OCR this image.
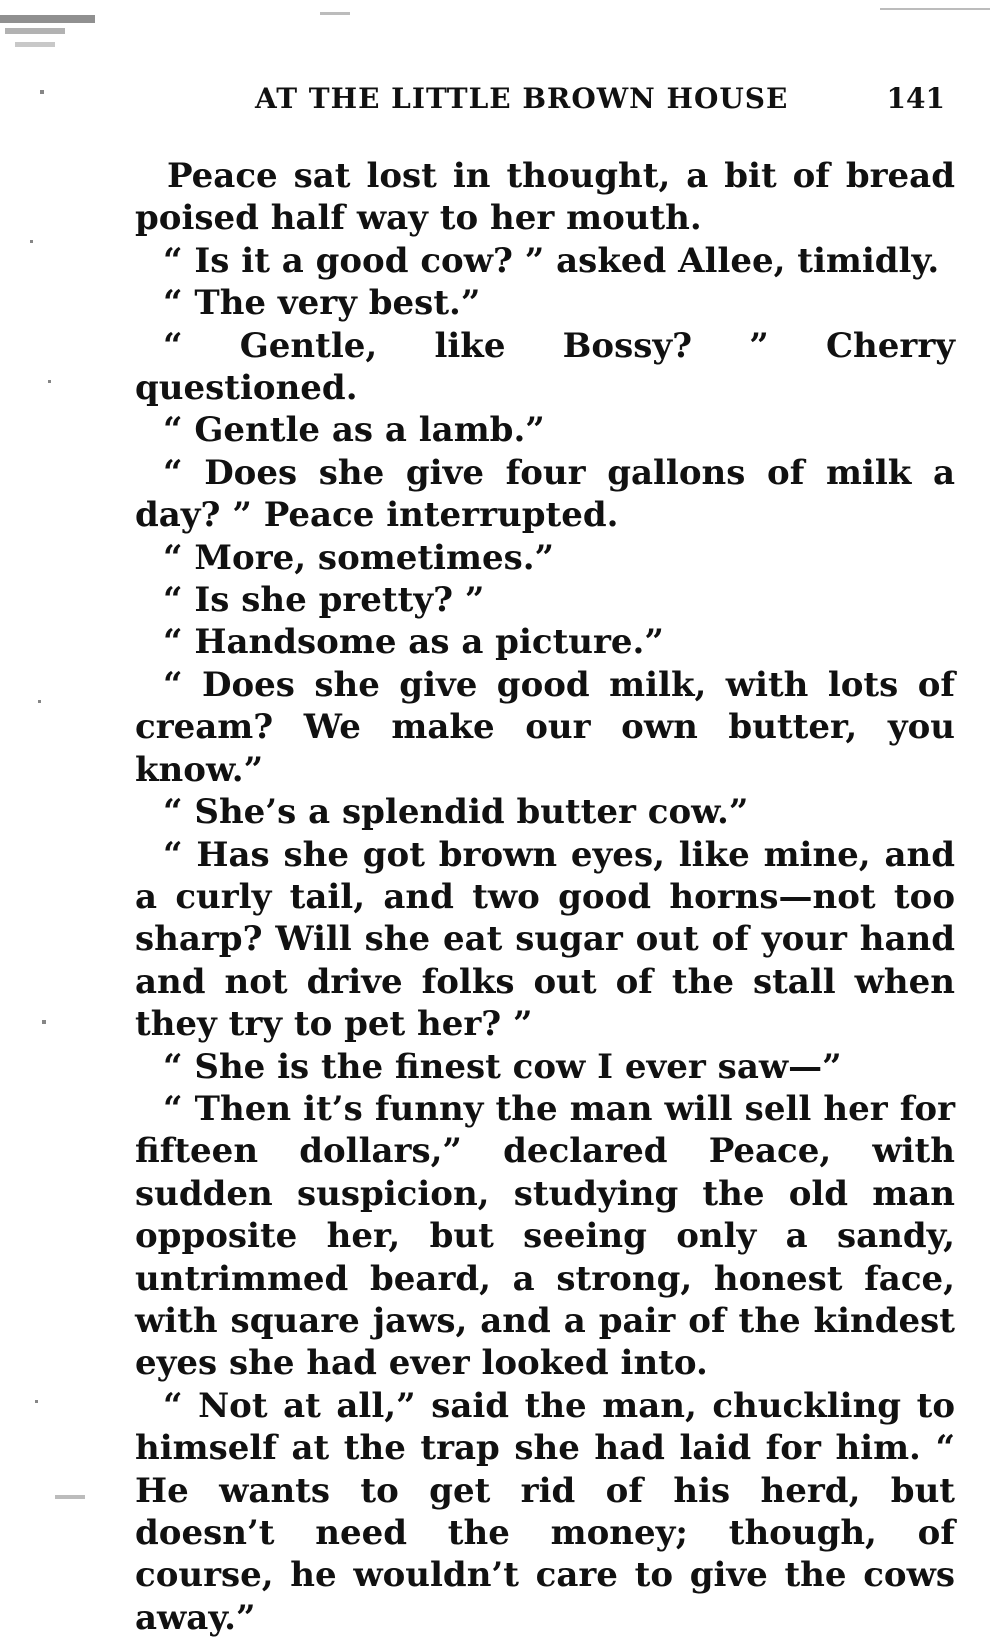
AT THE LITTLE BROWN HOUSE	141

Peace sat lost in thought, a bit of bread poised half way to her mouth.

“ Is it a good cow? ” asked Allee, timidly.

“ The very best.”

“ Gentle, like Bossy? ” Cherry questioned.

“ Gentle as a lamb.”

“ Does she give four gallons of milk a day? ” Peace interrupted.

“ More, sometimes.”

“ Is she pretty? ”

“ Handsome as a picture.”

“ Does she give good milk, with lots of cream? We make our own butter, you know.”

“ She’s a splendid butter cow.”

“ Has she got brown eyes, like mine, and a curly tail, and two good horns—not too sharp? Will she eat sugar out of your hand and not drive folks out of the stall when they try to pet her? ”

“ She is the finest cow I ever saw—”

“ Then it’s funny the man will sell her for fifteen dollars,” declared Peace, with sudden suspicion, studying the old man opposite her, but seeing only a sandy, untrimmed beard, a strong, honest face, with square jaws, and a pair of the kindest eyes she had ever looked into.

“ Not at all,” said the man, chuckling to himself at the trap she had laid for him. “ He wants to get rid of his herd, but doesn’t need the money; though, of course, he wouldn’t care to give the cows away.”
